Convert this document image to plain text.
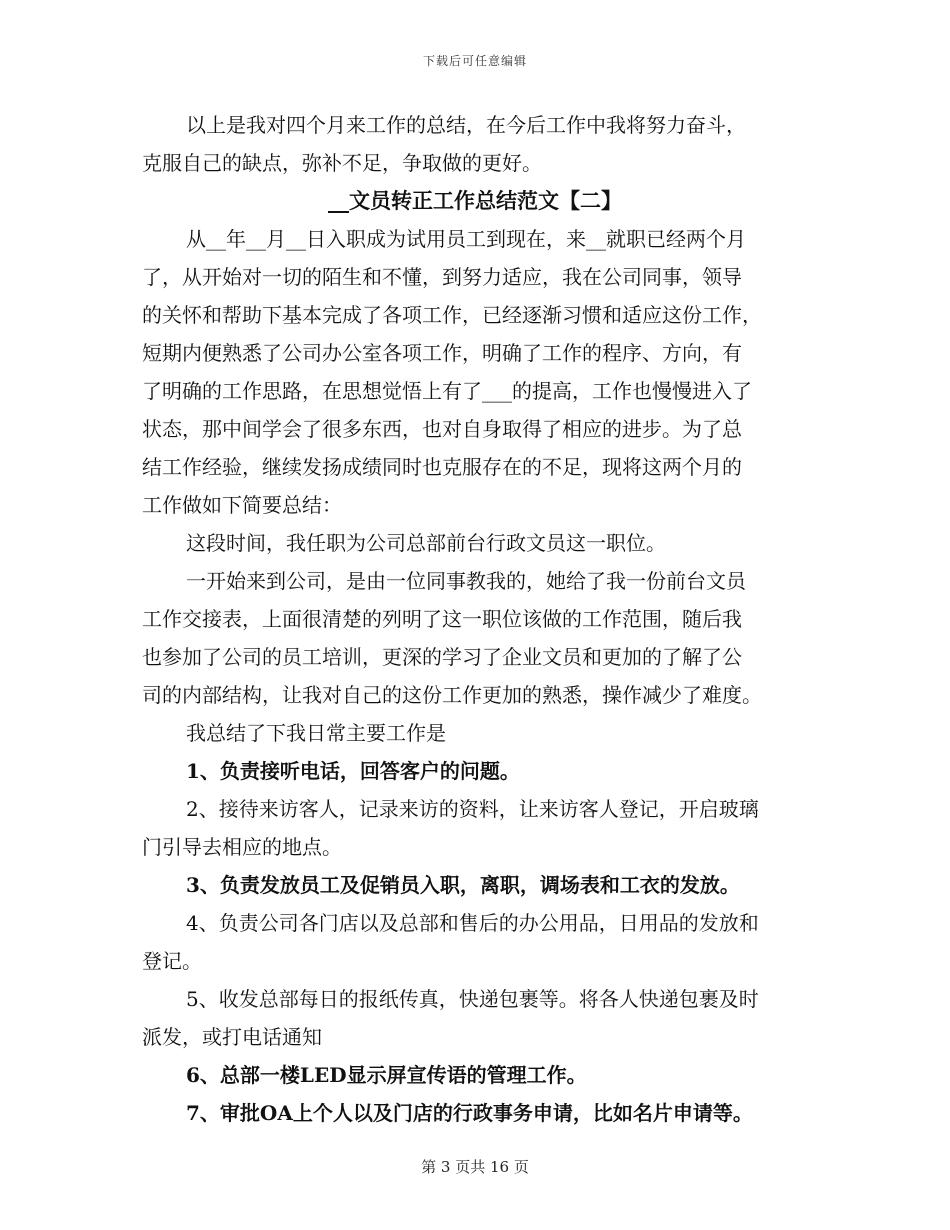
下载后可任意编辑
以上是我对四个月来工作的总结，在今后工作中我将努力奋斗，
克服自己的缺点，弥补不足，争取做的更好。
__文员转正工作总结范文【二】
从__年__月__日入职成为试用员工到现在，来__就职已经两个月
了，从开始对一切的陌生和不懂，到努力适应，我在公司同事，领导
的关怀和帮助下基本完成了各项工作，已经逐渐习惯和适应这份工作，
短期内便熟悉了公司办公室各项工作，明确了工作的程序、方向，有
了明确的工作思路，在思想觉悟上有了___的提高，工作也慢慢进入了
状态，那中间学会了很多东西，也对自身取得了相应的进步。为了总
结工作经验，继续发扬成绩同时也克服存在的不足，现将这两个月的
工作做如下简要总结：
这段时间，我任职为公司总部前台行政文员这一职位。
一开始来到公司，是由一位同事教我的，她给了我一份前台文员
工作交接表，上面很清楚的列明了这一职位该做的工作范围，随后我
也参加了公司的员工培训，更深的学习了企业文员和更加的了解了公
司的内部结构，让我对自己的这份工作更加的熟悉，操作减少了难度。
我总结了下我日常主要工作是
1、负责接听电话，回答客户的问题。
2、接待来访客人，记录来访的资料，让来访客人登记，开启玻璃
门引导去相应的地点。
3、负责发放员工及促销员入职，离职，调场表和工衣的发放。
4、负责公司各门店以及总部和售后的办公用品，日用品的发放和
登记。
5、收发总部每日的报纸传真，快递包裹等。将各人快递包裹及时
派发，或打电话通知
6、总部一楼LED显示屏宣传语的管理工作。
7、审批OA上个人以及门店的行政事务申请，比如名片申请等。
第 3 页共 16 页
